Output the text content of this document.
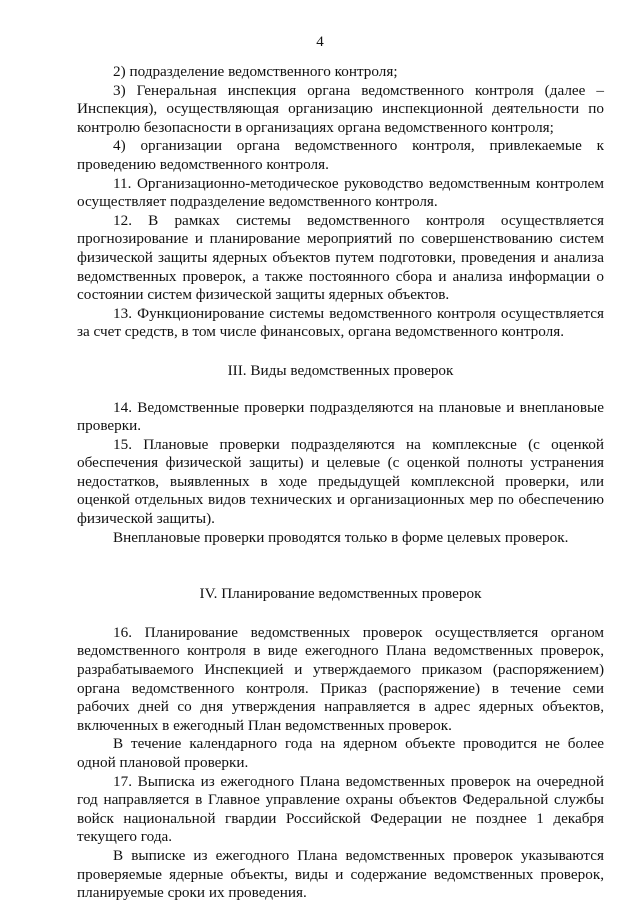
4

2) подразделение ведомственного контроля;

3) Генеральная инспекция органа ведомственного контроля (далее – Инспекция), осуществляющая организацию инспекционной деятельности по контролю безопасности в организациях органа ведомственного контроля;

4) организации органа ведомственного контроля, привлекаемые к проведению ведомственного контроля.

11. Организационно-методическое руководство ведомственным контролем осуществляет подразделение ведомственного контроля.

12. В рамках системы ведомственного контроля осуществляется прогнозирование и планирование мероприятий по совершенствованию систем физической защиты ядерных объектов путем подготовки, проведения и анализа ведомственных проверок, а также постоянного сбора и анализа информации о состоянии систем физической защиты ядерных объектов.

13. Функционирование системы ведомственного контроля осуществляется за счет средств, в том числе финансовых, органа ведомственного контроля.

III. Виды ведомственных проверок

14. Ведомственные проверки подразделяются на плановые и внеплановые проверки.

15. Плановые проверки подразделяются на комплексные (с оценкой обеспечения физической защиты) и целевые (с оценкой полноты устранения недостатков, выявленных в ходе предыдущей комплексной проверки, или оценкой отдельных видов технических и организационных мер по обеспечению физической защиты).

Внеплановые проверки проводятся только в форме целевых проверок.

IV. Планирование ведомственных проверок

16. Планирование ведомственных проверок осуществляется органом ведомственного контроля в виде ежегодного Плана ведомственных проверок, разрабатываемого Инспекцией и утверждаемого приказом (распоряжением) органа ведомственного контроля. Приказ (распоряжение) в течение семи рабочих дней со дня утверждения направляется в адрес ядерных объектов, включенных в ежегодный План ведомственных проверок.

В течение календарного года на ядерном объекте проводится не более одной плановой проверки.

17. Выписка из ежегодного Плана ведомственных проверок на очередной год направляется в Главное управление охраны объектов Федеральной службы войск национальной гвардии Российской Федерации не позднее 1 декабря текущего года.

В выписке из ежегодного Плана ведомственных проверок указываются проверяемые ядерные объекты, виды и содержание ведомственных проверок, планируемые сроки их проведения.
